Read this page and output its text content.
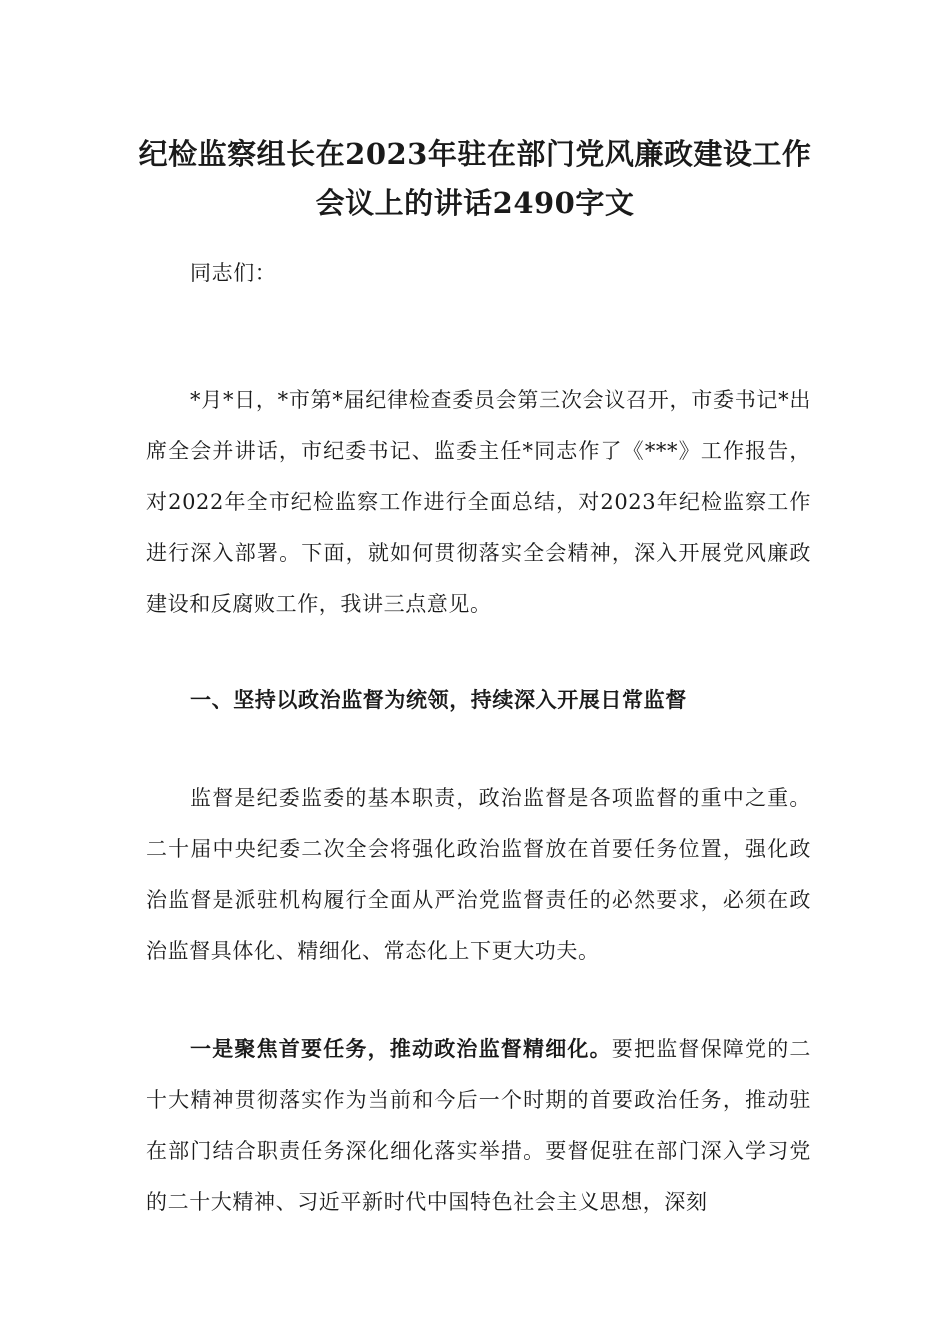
纪检监察组长在2023年驻在部门党风廉政建设工作
会议上的讲话2490字文

同志们：

*月*日，*市第*届纪律检查委员会第三次会议召开，市委书记*出席全会并讲话，市纪委书记、监委主任*同志作了《***》工作报告，对2022年全市纪检监察工作进行全面总结，对2023年纪检监察工作进行深入部署。下面，就如何贯彻落实全会精神，深入开展党风廉政建设和反腐败工作，我讲三点意见。

一、坚持以政治监督为统领，持续深入开展日常监督

监督是纪委监委的基本职责，政治监督是各项监督的重中之重。二十届中央纪委二次全会将强化政治监督放在首要任务位置，强化政治监督是派驻机构履行全面从严治党监督责任的必然要求，必须在政治监督具体化、精细化、常态化上下更大功夫。

一是聚焦首要任务，推动政治监督精细化。要把监督保障党的二十大精神贯彻落实作为当前和今后一个时期的首要政治任务，推动驻在部门结合职责任务深化细化落实举措。要督促驻在部门深入学习党的二十大精神、习近平新时代中国特色社会主义思想，深刻
